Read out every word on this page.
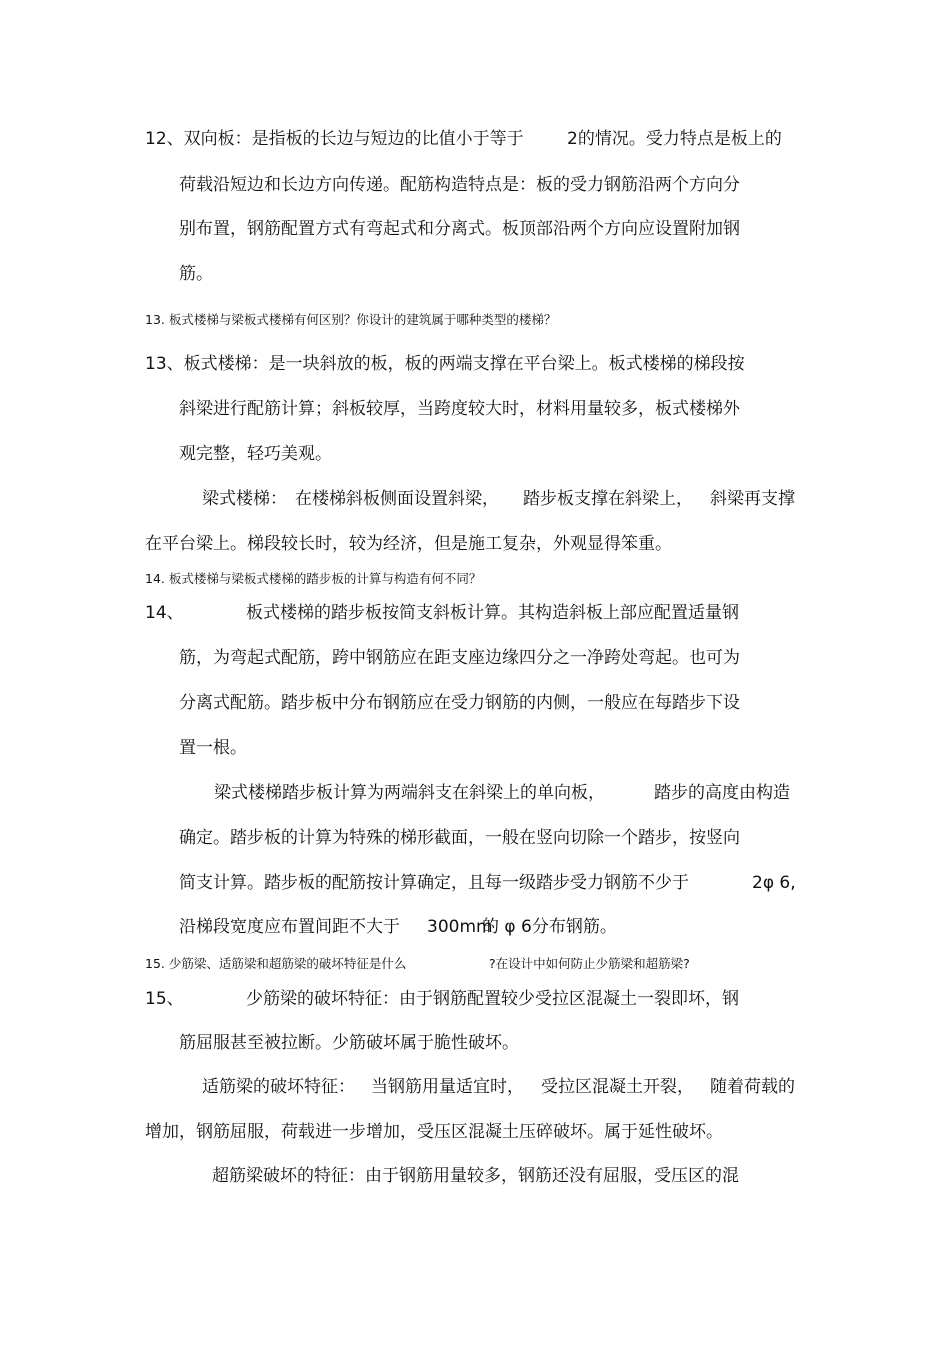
12、双向板：是指板的长边与短边的比值小于等于	2的情况。受力特点是板上的
荷载沿短边和长边方向传递。配筋构造特点是：板的受力钢筋沿两个方向分
别布置，钢筋配置方式有弯起式和分离式。板顶部沿两个方向应设置附加钢
筋。
13. 板式楼梯与梁板式楼梯有何区别？你设计的建筑属于哪种类型的楼梯？
13、板式楼梯：是一块斜放的板，板的两端支撑在平台梁上。板式楼梯的梯段按
斜梁进行配筋计算；斜板较厚，当跨度较大时，材料用量较多，板式楼梯外
观完整，轻巧美观。
梁式楼梯： 在楼梯斜板侧面设置斜梁， 踏步板支撑在斜梁上， 斜梁再支撑
在平台梁上。梯段较长时，较为经济，但是施工复杂，外观显得笨重。
14. 板式楼梯与梁板式楼梯的踏步板的计算与构造有何不同？
14、	板式楼梯的踏步板按简支斜板计算。其构造斜板上部应配置适量钢
筋，为弯起式配筋，跨中钢筋应在距支座边缘四分之一净跨处弯起。也可为
分离式配筋。踏步板中分布钢筋应在受力钢筋的内侧，一般应在每踏步下设
置一根。
梁式楼梯踏步板计算为两端斜支在斜梁上的单向板，	踏步的高度由构造
确定。踏步板的计算为特殊的梯形截面，一般在竖向切除一个踏步，按竖向
简支计算。踏步板的配筋按计算确定，且每一级踏步受力钢筋不少于	2φ 6,
沿梯段宽度应布置间距不大于 300mm
的 φ 6分布钢筋。
15. 少筋梁、适筋梁和超筋梁的破坏特征是什么	?在设计中如何防止少筋梁和超筋梁?
15、	少筋梁的破坏特征：由于钢筋配置较少受拉区混凝土一裂即坏，钢
筋屈服甚至被拉断。少筋破坏属于脆性破坏。
适筋梁的破坏特征： 当钢筋用量适宜时， 受拉区混凝土开裂， 随着荷载的
增加，钢筋屈服，荷载进一步增加，受压区混凝土压碎破坏。属于延性破坏。
超筋梁破坏的特征：由于钢筋用量较多，钢筋还没有屈服，受压区的混
